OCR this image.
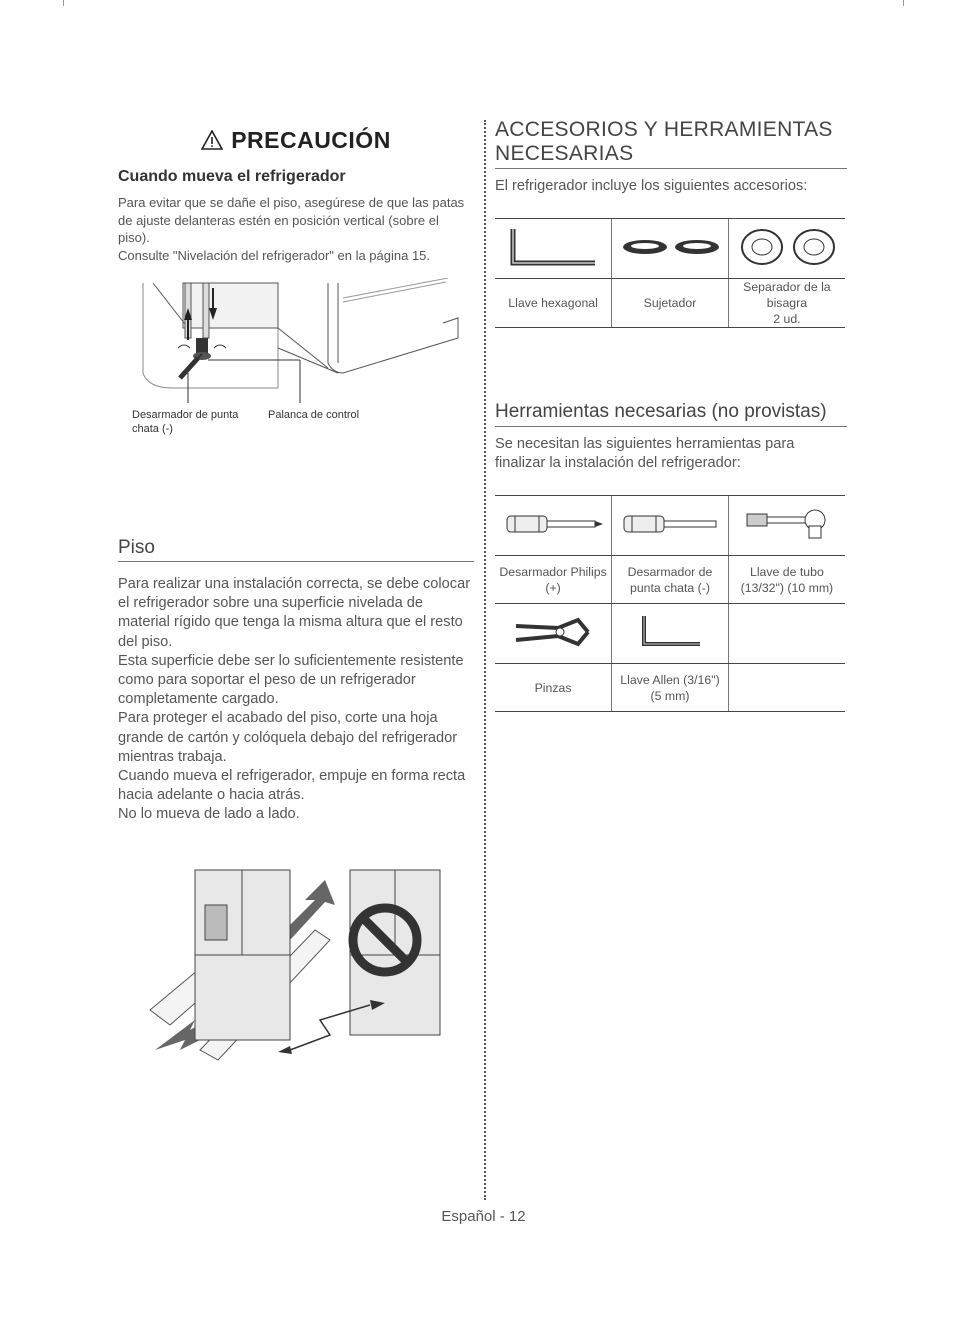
PRECAUCIÓN
Cuando mueva el refrigerador

Para evitar que se dañe el piso, asegúrese de que las patas de ajuste delanteras estén en posición vertical (sobre el piso).

Consulte "Nivelación del refrigerador" en la página 15.

Desarmador de punta chata (-)
Palanca de control
Piso

Para realizar una instalación correcta, se debe colocar el refrigerador sobre una superficie nivelada de material rígido que tenga la misma altura que el resto del piso.

Esta superficie debe ser lo suficientemente resistente como para soportar el peso de un refrigerador completamente cargado.

Para proteger el acabado del piso, corte una hoja grande de cartón y colóquela debajo del refrigerador mientras trabaja.

Cuando mueva el refrigerador, empuje en forma recta hacia adelante o hacia atrás.

No lo mueva de lado a lado.

ACCESORIOS Y HERRAMIENTAS NECESARIAS
El refrigerador incluye los siguientes accesorios:

Llave hexagonal	Sujetador	Separador de la bisagra
2 ud.
Herramientas necesarias (no provistas)
Se necesitan las siguientes herramientas para finalizar la instalación del refrigerador:

Desarmador Philips (+)	Desarmador de punta chata (-)	Llave de tubo (13/32") (10 mm)

Pinzas	Llave Allen (3/16") (5 mm)	
Español - 12
